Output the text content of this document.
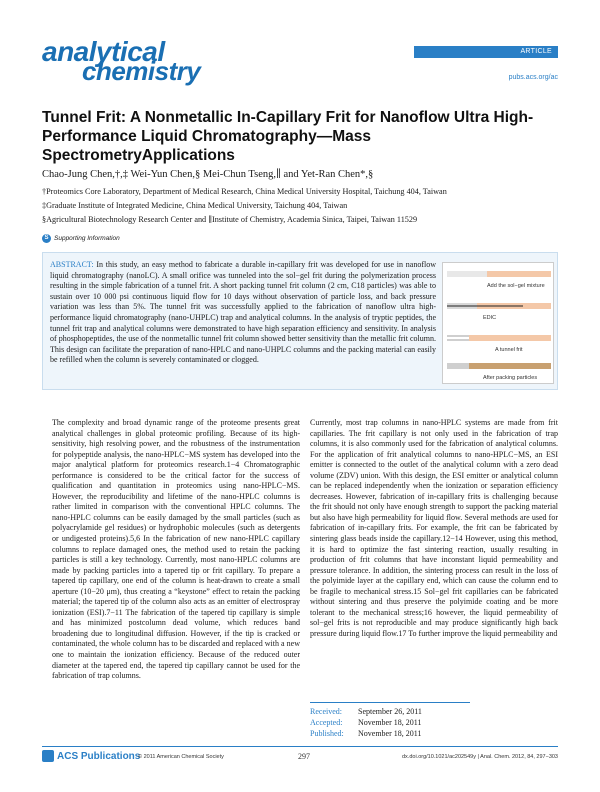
analytical
chemistry
ARTICLE
pubs.acs.org/ac
Tunnel Frit: A Nonmetallic In-Capillary Frit for Nanoflow Ultra High-Performance Liquid Chromatography—Mass SpectrometryApplications
Chao-Jung Chen,†,‡ Wei-Yun Chen,§ Mei-Chun Tseng,∥ and Yet-Ran Chen*,§
†Proteomics Core Laboratory, Department of Medical Research, China Medical University Hospital, Taichung 404, Taiwan
‡Graduate Institute of Integrated Medicine, China Medical University, Taichung 404, Taiwan
§Agricultural Biotechnology Research Center and ∥Institute of Chemistry, Academia Sinica, Taipei, Taiwan 11529
S Supporting Information
ABSTRACT: In this study, an easy method to fabricate a durable in-capillary frit was developed for use in nanoflow liquid chromatography (nanoLC). A small orifice was tunneled into the sol−gel frit during the polymerization process resulting in the simple fabrication of a tunnel frit. A short packing tunnel frit column (2 cm, C18 particles) was able to sustain over 10 000 psi continuous liquid flow for 10 days without observation of particle loss, and back pressure variation was less than 5%. The tunnel frit was successfully applied to the fabrication of nanoflow ultra high-performance liquid chromatography (nano-UHPLC) trap and analytical columns. In the analysis of tryptic peptides, the tunnel frit trap and analytical columns were demonstrated to have high separation efficiency and sensitivity. In analysis of phosphopeptides, the use of the nonmetallic tunnel frit column showed better sensitivity than the metallic frit column. This design can facilitate the preparation of nano-HPLC and nano-UHPLC columns and the packing material can easily be refilled when the column is severely contaminated or clogged.
Add the sol−gel mixture
EDIC
A tunnel frit
After packing particles

The complexity and broad dynamic range of the proteome presents great analytical challenges in global proteomic profiling. Because of its high-sensitivity, high resolving power, and the robustness of the instrumentation for polypeptide analysis, the nano-HPLC−MS system has developed into the major analytical platform for proteomics research.1−4 Chromatographic performance is considered to be the critical factor for the success of qualification and quantitation in proteomics using nano-HPLC−MS. However, the reproducibility and lifetime of the nano-HPLC columns is rather limited in comparison with the conventional HPLC columns. The nano-HPLC columns can be easily damaged by the small particles (such as polyacrylamide gel residues) or hydrophobic molecules (such as detergents or undigested proteins).5,6 In the fabrication of new nano-HPLC capillary columns to replace damaged ones, the method used to retain the packing particles is still a key technology. Currently, most nano-HPLC columns are made by packing particles into a tapered tip or frit capillary. To prepare a tapered tip capillary, one end of the column is heat-drawn to create a small aperture (10−20 μm), thus creating a “keystone” effect to retain the packing material; the tapered tip of the column also acts as an emitter of electrospray ionization (ESI).7−11 The fabrication of the tapered tip capillary is simple and has minimized postcolumn dead volume, which reduces band broadening due to longitudinal diffusion. However, if the tip is cracked or contaminated, the whole column has to be discarded and replaced with a new one to maintain the ionization efficiency. Because of the reduced outer diameter at the tapered end, the tapered tip capillary cannot be used for the fabrication of trap columns.

Currently, most trap columns in nano-HPLC systems are made from frit capillaries. The frit capillary is not only used in the fabrication of trap columns, it is also commonly used for the fabrication of analytical columns. For the application of frit analytical columns to nano-HPLC−MS, an ESI emitter is connected to the outlet of the analytical column with a zero dead volume (ZDV) union. With this design, the ESI emitter or analytical column can be replaced independently when the ionization or separation efficiency decreases. However, fabrication of in-capillary frits is challenging because the frit should not only have enough strength to support the packing material but also have high permeability for liquid flow. Several methods are used for fabrication of in-capillary frits. For example, the frit can be fabricated by sintering glass beads inside the capillary.12−14 However, using this method, it is hard to optimize the fast sintering reaction, usually resulting in production of frit columns that have inconstant liquid permeability and pressure tolerance. In addition, the sintering process can result in the loss of the polyimide layer at the capillary end, which can cause the column end to be fragile to mechanical stress.15 Sol−gel frit capillaries can be fabricated without sintering and thus preserve the polyimide coating and be more tolerant to the mechanical stress;16 however, the liquid permeability of sol−gel frits is not reproducible and may produce significantly high back pressure during liquid flow.17 To further improve the liquid permeability and

Received:	September 26, 2011
Accepted:	November 18, 2011
Published:	November 18, 2011
ACS Publications
© 2011 American Chemical Society	297	dx.doi.org/10.1021/ac202549y | Anal. Chem. 2012, 84, 297−303
